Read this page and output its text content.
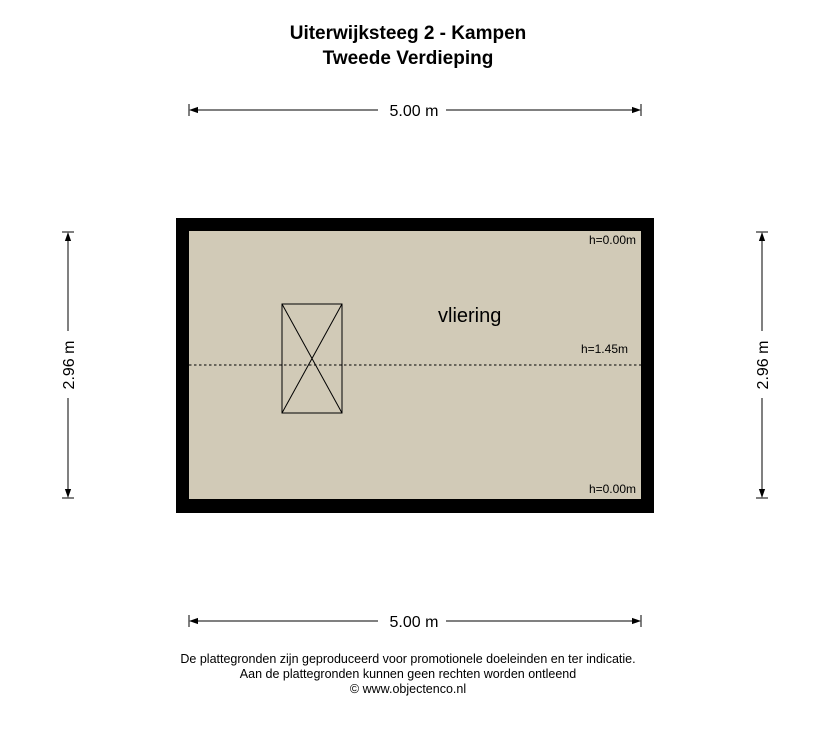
Uiterwijksteeg 2 - Kampen
Tweede Verdieping
5.00 m
5.00 m
2.96 m	2.96 m
vliering
h=0.00m
h=1.45m
h=0.00m
De plattegronden zijn geproduceerd voor promotionele doeleinden en ter indicatie.
Aan de plattegronden kunnen geen rechten worden ontleend
© www.objectenco.nl
